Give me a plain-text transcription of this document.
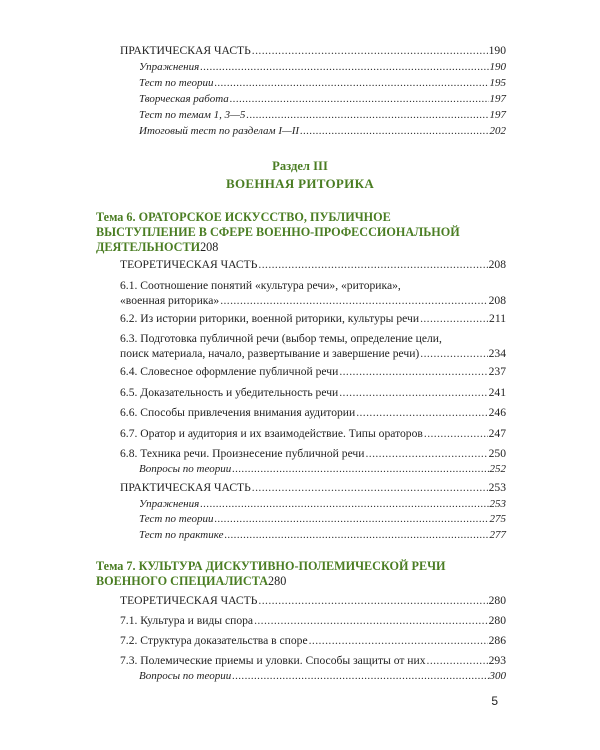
ПРАКТИЧЕСКАЯ ЧАСТЬ .....	190
Упражнения .....	190
Тест по теории .....	195
Творческая работа .....	197
Тест по темам 1, 3—5 .....	197
Итоговый тест по разделам I—II .....	202
Раздел III
ВОЕННАЯ РИТОРИКА
Тема 6. ОРАТОРСКОЕ ИСКУССТВО, ПУБЛИЧНОЕ
ВЫСТУПЛЕНИЕ В СФЕРЕ ВОЕННО-ПРОФЕССИОНАЛЬНОЙ
ДЕЯТЕЛЬНОСТИ 208
ТЕОРЕТИЧЕСКАЯ ЧАСТЬ .....	208
6.1. Соотношение понятий «культура речи», «риторика»,
«военная риторика» .....	208
6.2. Из истории риторики, военной риторики, культуры речи .....	211
6.3. Подготовка публичной речи (выбор темы, определение цели,
поиск материала, начало, развертывание и завершение речи) .....	234
6.4. Словесное оформление публичной речи .....	237
6.5. Доказательность и убедительность речи .....	241
6.6. Способы привлечения внимания аудитории .....	246
6.7. Оратор и аудитория и их взаимодействие. Типы ораторов .....	247
6.8. Техника речи. Произнесение публичной речи .....	250
Вопросы по теории .....	252
ПРАКТИЧЕСКАЯ ЧАСТЬ .....	253
Упражнения .....	253
Тест по теории .....	275
Тест по практике .....	277
Тема 7. КУЛЬТУРА ДИСКУТИВНО-ПОЛЕМИЧЕСКОЙ РЕЧИ
ВОЕННОГО СПЕЦИАЛИСТА 280
ТЕОРЕТИЧЕСКАЯ ЧАСТЬ .....	280
7.1. Культура и виды спора .....	280
7.2. Структура доказательства в споре .....	286
7.3. Полемические приемы и уловки. Способы защиты от них .....	293
Вопросы по теории .....	300
5
